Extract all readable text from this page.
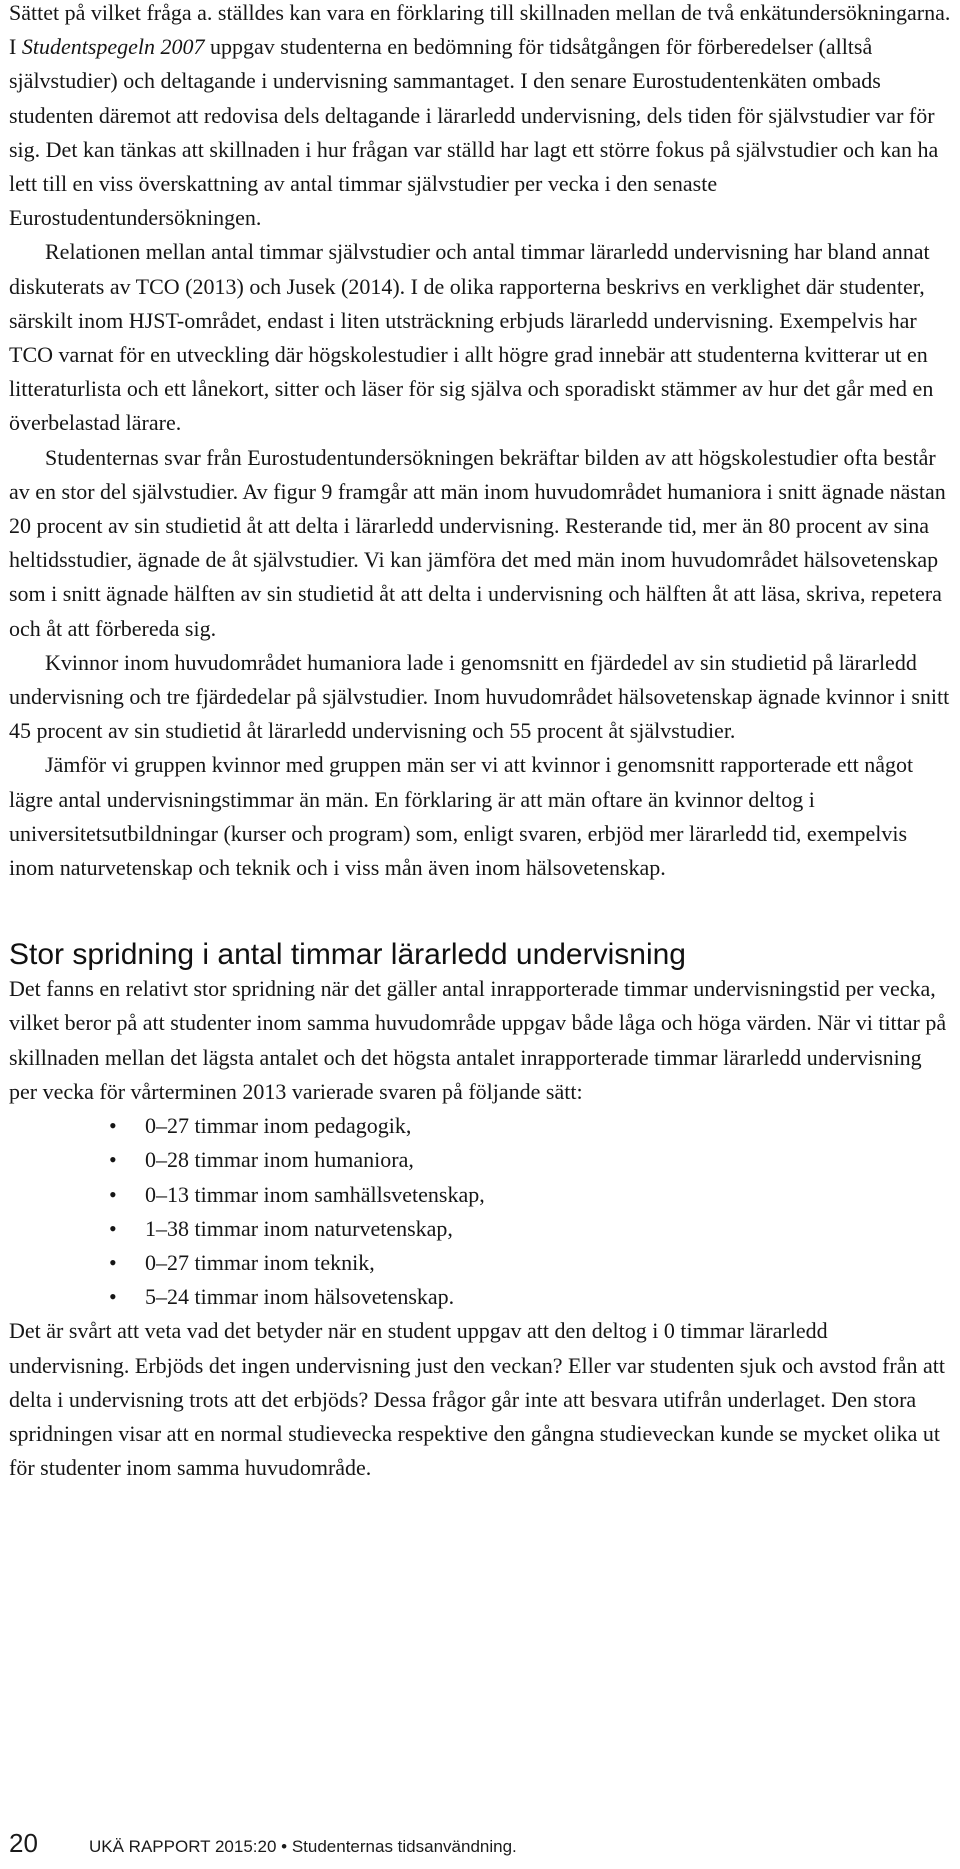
Sättet på vilket fråga a. ställdes kan vara en förklaring till skillnaden mellan de två enkätundersökningarna. I Studentspegeln 2007 uppgav studenterna en bedömning för tidsåtgången för förberedelser (alltså självstudier) och deltagande i undervisning sammantaget. I den senare Eurostudentenkäten ombads studenten däremot att redovisa dels deltagande i lärarledd undervisning, dels tiden för självstudier var för sig. Det kan tänkas att skillnaden i hur frågan var ställd har lagt ett större fokus på självstudier och kan ha lett till en viss överskattning av antal timmar självstudier per vecka i den senaste Eurostudentundersökningen.

Relationen mellan antal timmar självstudier och antal timmar lärarledd undervisning har bland annat diskuterats av TCO (2013) och Jusek (2014). I de olika rapporterna beskrivs en verklighet där studenter, särskilt inom HJST-området, endast i liten utsträckning erbjuds lärarledd undervisning. Exempelvis har TCO varnat för en utveckling där högskolestudier i allt högre grad innebär att studenterna kvitterar ut en litteraturlista och ett lånekort, sitter och läser för sig själva och sporadiskt stämmer av hur det går med en överbelastad lärare.

Studenternas svar från Eurostudentundersökningen bekräftar bilden av att högskolestudier ofta består av en stor del självstudier. Av figur 9 framgår att män inom huvudområdet humaniora i snitt ägnade nästan 20 procent av sin studietid åt att delta i lärarledd undervisning. Resterande tid, mer än 80 procent av sina heltidsstudier, ägnade de åt självstudier. Vi kan jämföra det med män inom huvudområdet hälsovetenskap som i snitt ägnade hälften av sin studietid åt att delta i undervisning och hälften åt att läsa, skriva, repetera och åt att förbereda sig.

Kvinnor inom huvudområdet humaniora lade i genomsnitt en fjärdedel av sin studietid på lärarledd undervisning och tre fjärdedelar på självstudier. Inom huvudområdet hälsovetenskap ägnade kvinnor i snitt 45 procent av sin studietid åt lärarledd undervisning och 55 procent åt självstudier.

Jämför vi gruppen kvinnor med gruppen män ser vi att kvinnor i genomsnitt rapporterade ett något lägre antal undervisningstimmar än män. En förklaring är att män oftare än kvinnor deltog i universitetsutbildningar (kurser och program) som, enligt svaren, erbjöd mer lärarledd tid, exempelvis inom naturvetenskap och teknik och i viss mån även inom hälsovetenskap.

Stor spridning i antal timmar lärarledd undervisning

Det fanns en relativt stor spridning när det gäller antal inrapporterade timmar undervisningstid per vecka, vilket beror på att studenter inom samma huvudområde uppgav både låga och höga värden. När vi tittar på skillnaden mellan det lägsta antalet och det högsta antalet inrapporterade timmar lärarledd undervisning per vecka för vårterminen 2013 varierade svaren på följande sätt:

• 0–27 timmar inom pedagogik,
• 0–28 timmar inom humaniora,
• 0–13 timmar inom samhällsvetenskap,
• 1–38 timmar inom naturvetenskap,
• 0–27 timmar inom teknik,
• 5–24 timmar inom hälsovetenskap.

Det är svårt att veta vad det betyder när en student uppgav att den deltog i 0 timmar lärarledd undervisning. Erbjöds det ingen undervisning just den veckan? Eller var studenten sjuk och avstod från att delta i undervisning trots att det erbjöds? Dessa frågor går inte att besvara utifrån underlaget. Den stora spridningen visar att en normal studievecka respektive den gångna studieveckan kunde se mycket olika ut för studenter inom samma huvudområde.

20	UKÄ RAPPORT 2015:20 • Studenternas tidsanvändning.
